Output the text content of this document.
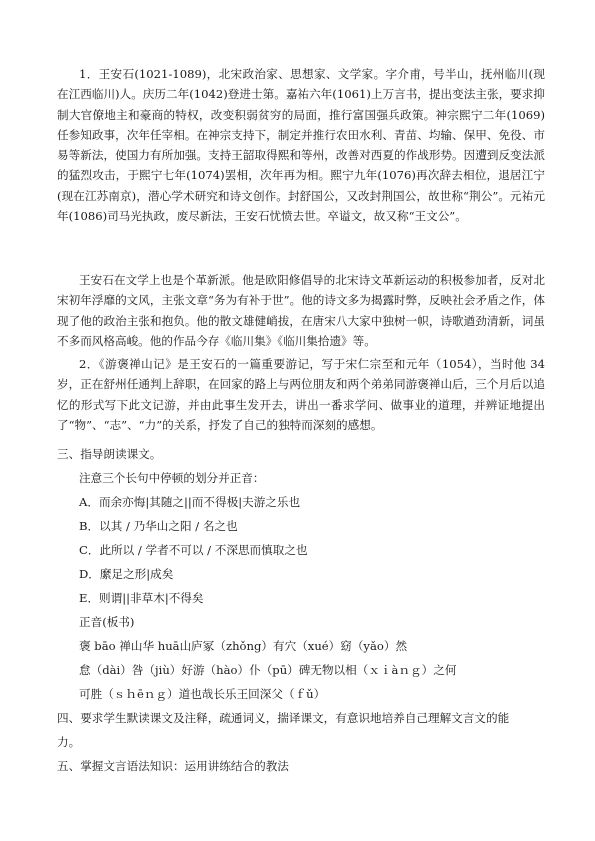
1．王安石(1021-1089)，北宋政治家、思想家、文学家。字介甫，号半山，抚州临川(现在江西临川)人。庆历二年(1042)登进士第。嘉祐六年(1061)上万言书，提出变法主张，要求抑制大官僚地主和豪商的特权，改变积弱贫穷的局面，推行富国强兵政策。神宗熙宁二年(1069)任参知政事，次年任宰相。在神宗支持下，制定并推行农田水利、青苗、均输、保甲、免役、市易等新法，使国力有所加强。支持王韶取得熙和等州，改善对西夏的作战形势。因遭到反变法派的猛烈攻击，于熙宁七年(1074)罢相，次年再为相。熙宁九年(1076)再次辞去相位，退居江宁(现在江苏南京)，潜心学术研究和诗文创作。封舒国公，又改封荆国公，故世称“荆公”。元祐元年(1086)司马光执政，废尽新法，王安石忧愤去世。卒谥文，故又称“王文公”。

王安石在文学上也是个革新派。他是欧阳修倡导的北宋诗文革新运动的积极参加者，反对北宋初年浮靡的文风，主张文章“务为有补于世”。他的诗文多为揭露时弊，反映社会矛盾之作，体现了他的政治主张和抱负。他的散文雄健峭拔，在唐宋八大家中独树一帜，诗歌遒劲清新，词虽不多而风格高峻。他的作品今存《临川集》《临川集拾遗》等。

2．《游褒禅山记》是王安石的一篇重要游记，写于宋仁宗至和元年（1054），当时他 34岁，正在舒州任通判上辞职，在回家的路上与两位朋友和两个弟弟同游褒禅山后，三个月后以追忆的形式写下此文记游，并由此事生发开去，讲出一番求学问、做事业的道理，并辨证地提出了“物”、“志”、“力”的关系，抒发了自己的独特而深刻的感想。

三、指导朗读课文。

注意三个长句中停顿的划分并正音：

A．而余亦悔|其随之||而不得极|夫游之乐也

B．以其 / 乃华山之阳 / 名之也

C．此所以 / 学者不可以 / 不深思而慎取之也

D．縻足之形|成矣

E．则谓||非草木|不得矣

正音(板书)

褒 bāo 禅山华 huā山庐冢（zhǒng）有穴（xué）窈（yǎo）然

怠（dài）咎（jiù）好游（hào）仆（pū）碑无物以相（ｘｉàｎｇ）之何

可胜（ｓｈēｎｇ）道也哉长乐王回深父（ｆǔ）

四、要求学生默读课文及注释，疏通词义，揣译课文，有意识地培养自己理解文言文的能

力。

五、掌握文言语法知识：运用讲练结合的教法
